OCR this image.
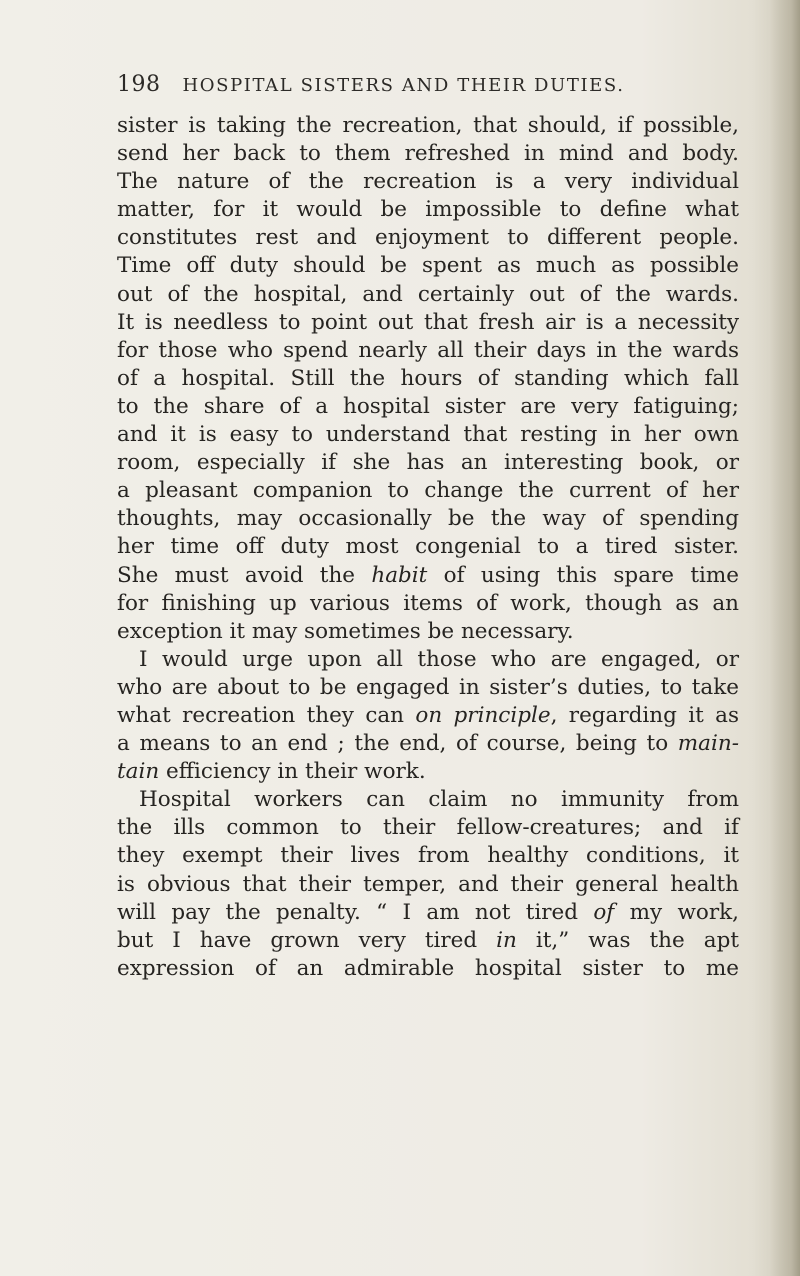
198 HOSPITAL SISTERS AND THEIR DUTIES.
sister is taking the recreation, that should, if possible,
send her back to them refreshed in mind and body.
The nature of the recreation is a very individual
matter, for it would be impossible to define what
constitutes rest and enjoyment to different people.
Time off duty should be spent as much as possible
out of the hospital, and certainly out of the wards.
It is needless to point out that fresh air is a necessity
for those who spend nearly all their days in the wards
of a hospital. Still the hours of standing which fall
to the share of a hospital sister are very fatiguing;
and it is easy to understand that resting in her own
room, especially if she has an interesting book, or
a pleasant companion to change the current of her
thoughts, may occasionally be the way of spending
her time off duty most congenial to a tired sister.
She must avoid the habit of using this spare time
for finishing up various items of work, though as an
exception it may sometimes be necessary.
I would urge upon all those who are engaged, or
who are about to be engaged in sister’s duties, to take
what recreation they can on principle, regarding it as
a means to an end ; the end, of course, being to main-
tain efficiency in their work.
Hospital workers can claim no immunity from
the ills common to their fellow-creatures; and if
they exempt their lives from healthy conditions, it
is obvious that their temper, and their general health
will pay the penalty. “ I am not tired of my work,
but I have grown very tired in it,” was the apt
expression of an admirable hospital sister to me
